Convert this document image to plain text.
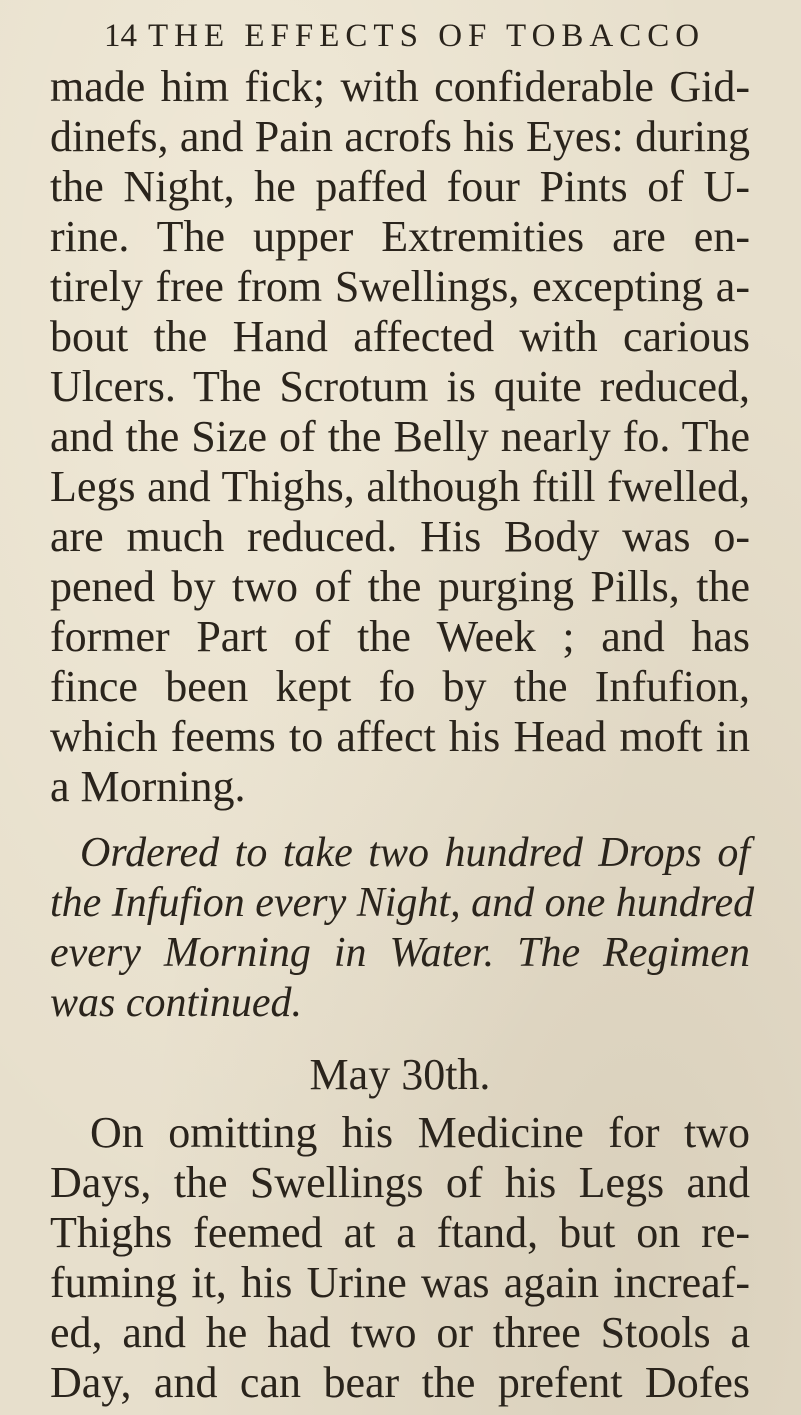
14 THE EFFECTS OF TOBACCO
made him fick; with confiderable Gid-
dinefs, and Pain acrofs his Eyes: during
the Night, he paffed four Pints of U-
rine. The upper Extremities are en-
tirely free from Swellings, excepting a-
bout the Hand affected with carious
Ulcers. The Scrotum is quite reduced,
and the Size of the Belly nearly fo. The
Legs and Thighs, although ftill fwelled,
are much reduced. His Body was o-
pened by two of the purging Pills, the
former Part of the Week ; and has
fince been kept fo by the Infufion,
which feems to affect his Head moft in
a Morning.
Ordered to take two hundred Drops of
the Infufion every Night, and one hundred
every Morning in Water. The Regimen
was continued.
May 30th.
On omitting his Medicine for two
Days, the Swellings of his Legs and
Thighs feemed at a ftand, but on re-
fuming it, his Urine was again increaf-
ed, and he had two or three Stools a
Day, and can bear the prefent Dofes
